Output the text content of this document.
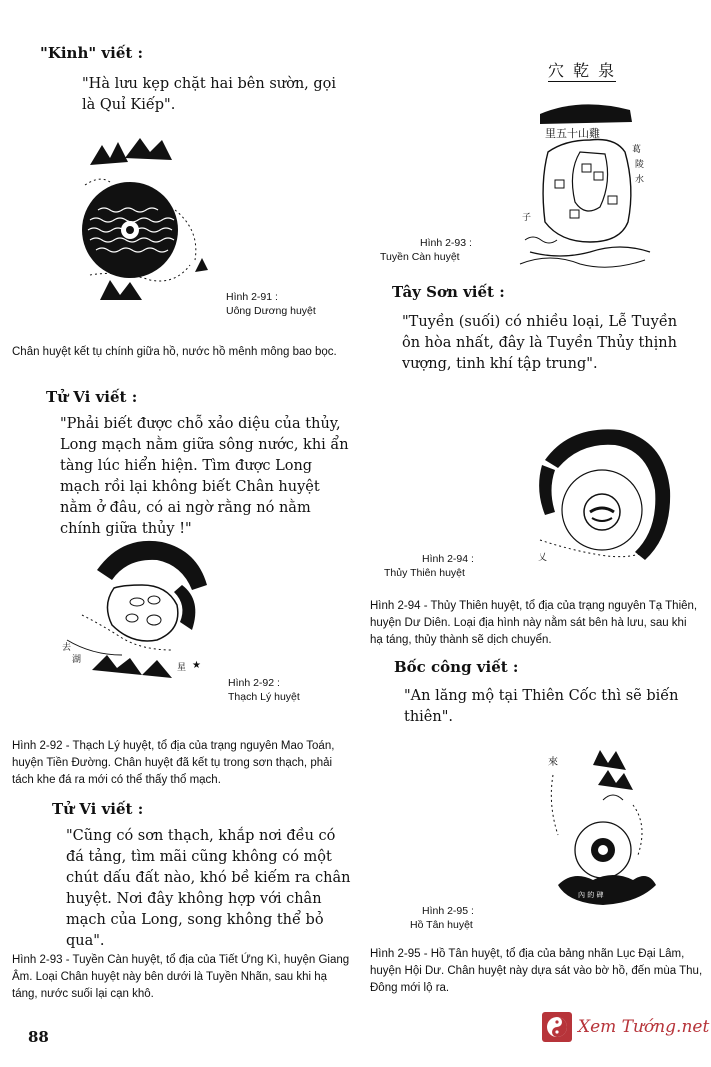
"Kinh" viết :
"Hà lưu kẹp chặt hai bên sườn, gọi là Quỉ Kiếp".
Hình 2-91 :
Uông Dương huyệt
Chân huyệt kết tụ chính giữa hồ, nước hồ mênh mông bao bọc.
Tử Vi viết :
"Phải biết được chỗ xảo diệu của thủy, Long mạch nằm giữa sông nước, khi ẩn tàng lúc hiển hiện. Tìm được Long mạch rồi lại không biết Chân huyệt nằm ở đâu, có ai ngờ rằng nó nằm chính giữa thủy !"
去
湖
星 ★
Hình 2-92 :
Thạch Lý huyệt
Hình 2-92 - Thạch Lý huyệt, tổ địa của trạng nguyên Mao Toán, huyện Tiền Đường. Chân huyệt đã kết tụ trong sơn thạch, phải tách khe đá ra mới có thể thấy thổ mạch.
Tử Vi viết :
"Cũng có sơn thạch, khắp nơi đều có đá tảng, tìm mãi cũng không có một chút dấu đất nào, khó bề kiếm ra chân huyệt. Nơi đây không hợp với chân mạch của Long, song không thể bỏ qua".
Hình 2-93 - Tuyền Càn huyệt, tổ địa của Tiết Ứng Kì, huyện Giang Âm. Loại Chân huyệt này bên dưới là Tuyền Nhãn, sau khi hạ táng, nước suối lại cạn khô.
88
穴 乾 泉
里五十山雞
子
葛
陵
水
Hình 2-93 :
Tuyền Càn huyệt
Tây Sơn viết :
"Tuyền (suối) có nhiều loại, Lễ Tuyền ôn hòa nhất, đây là Tuyền Thủy thịnh vượng, tinh khí tập trung".
乂
Hình 2-94 :
Thủy Thiên huyệt
Hình 2-94 - Thủy Thiên huyệt, tổ địa của trạng nguyên Tạ Thiên, huyện Dư Diên. Loại địa hình này nằm sát bên hà lưu, sau khi hạ táng, thủy thành sẽ dịch chuyển.
Bốc công viết :
"An lăng mộ tại Thiên Cốc thì sẽ biến thiên".
來
內 的 碑
Hình 2-95 :
Hồ Tân huyệt
Hình 2-95 - Hồ Tân huyệt, tổ địa của bảng nhãn Lục Đại Lâm, huyện Hội Dư. Chân huyệt này dựa sát vào bờ hồ, đến mùa Thu, Đông mới lộ ra.
Xem Tướng.net
